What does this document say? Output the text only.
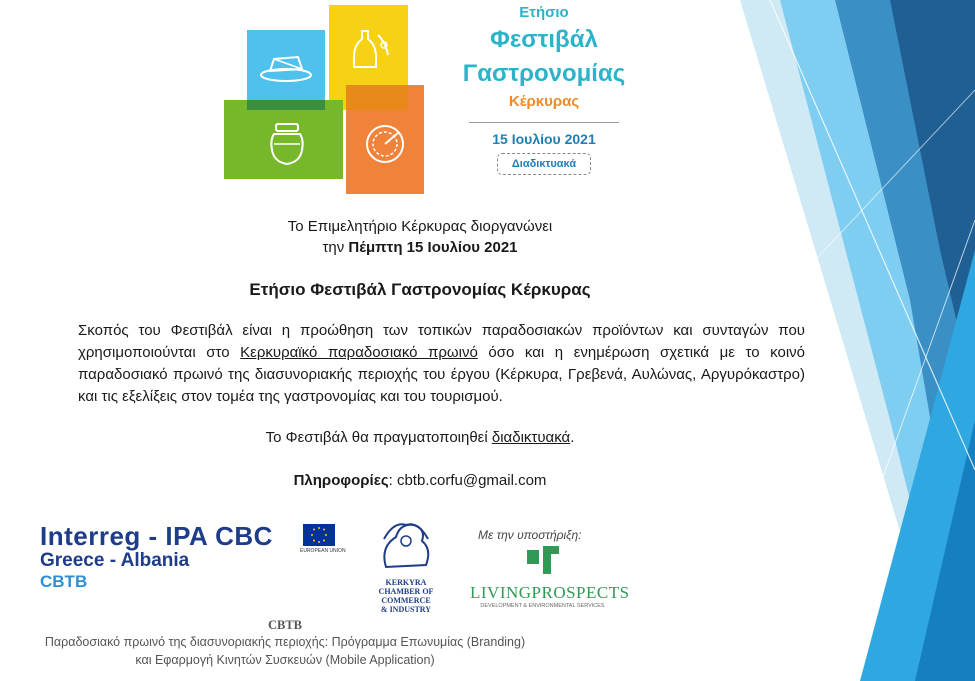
Ετήσιο
Φεστιβάλ
Γαστρονομίας
Κέρκυρας
15 Ιουλίου 2021
Διαδικτυακά
Το Επιμελητήριο Κέρκυρας διοργανώνει
την Πέμπτη 15 Ιουλίου 2021
Ετήσιο Φεστιβάλ Γαστρονομίας Κέρκυρας
Σκοπός του Φεστιβάλ είναι η προώθηση των τοπικών παραδοσιακών προϊόντων και συνταγών που χρησιμοποιούνται στο Κερκυραϊκό παραδοσιακό πρωινό όσο και η ενημέρωση σχετικά με το κοινό παραδοσιακό πρωινό της διασυνοριακής περιοχής του έργου (Κέρκυρα, Γρεβενά, Αυλώνας, Αργυρόκαστρο) και τις εξελίξεις στον τομέα της γαστρονομίας και του τουρισμού.
Το Φεστιβάλ θα πραγματοποιηθεί διαδικτυακά.
Πληροφορίες: cbtb.corfu@gmail.com
Interreg - IPA CBC
Greece - Albania
CBTB
EUROPEAN UNION
KERKYRA
CHAMBER OF COMMERCE
& INDUSTRY
Με την υποστήριξη:
LIVINGPROSPECTS
DEVELOPMENT & ENVIRONMENTAL SERVICES
CBTB
Παραδοσιακό πρωινό της διασυνοριακής περιοχής: Πρόγραμμα Επωνυμίας (Branding)
και Εφαρμογή Κινητών Συσκευών (Mobile Application)
